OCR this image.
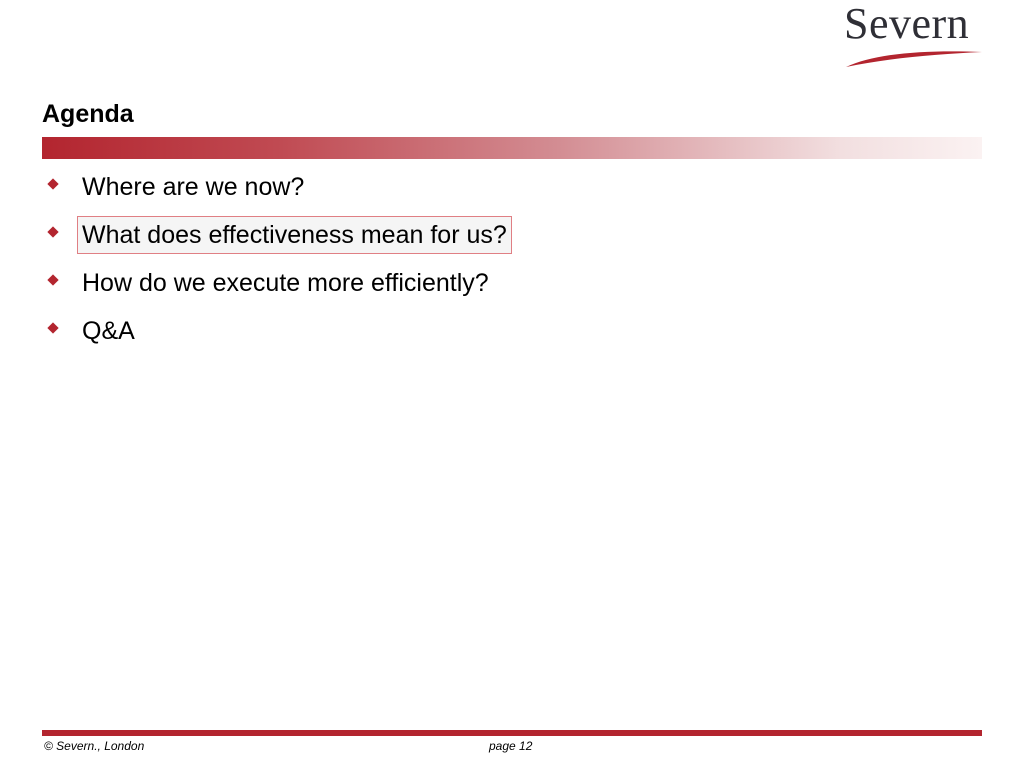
Severn
Agenda
Where are we now?
What does effectiveness mean for us?
How do we execute more efficiently?
Q&A
© Severn., London	page 12
